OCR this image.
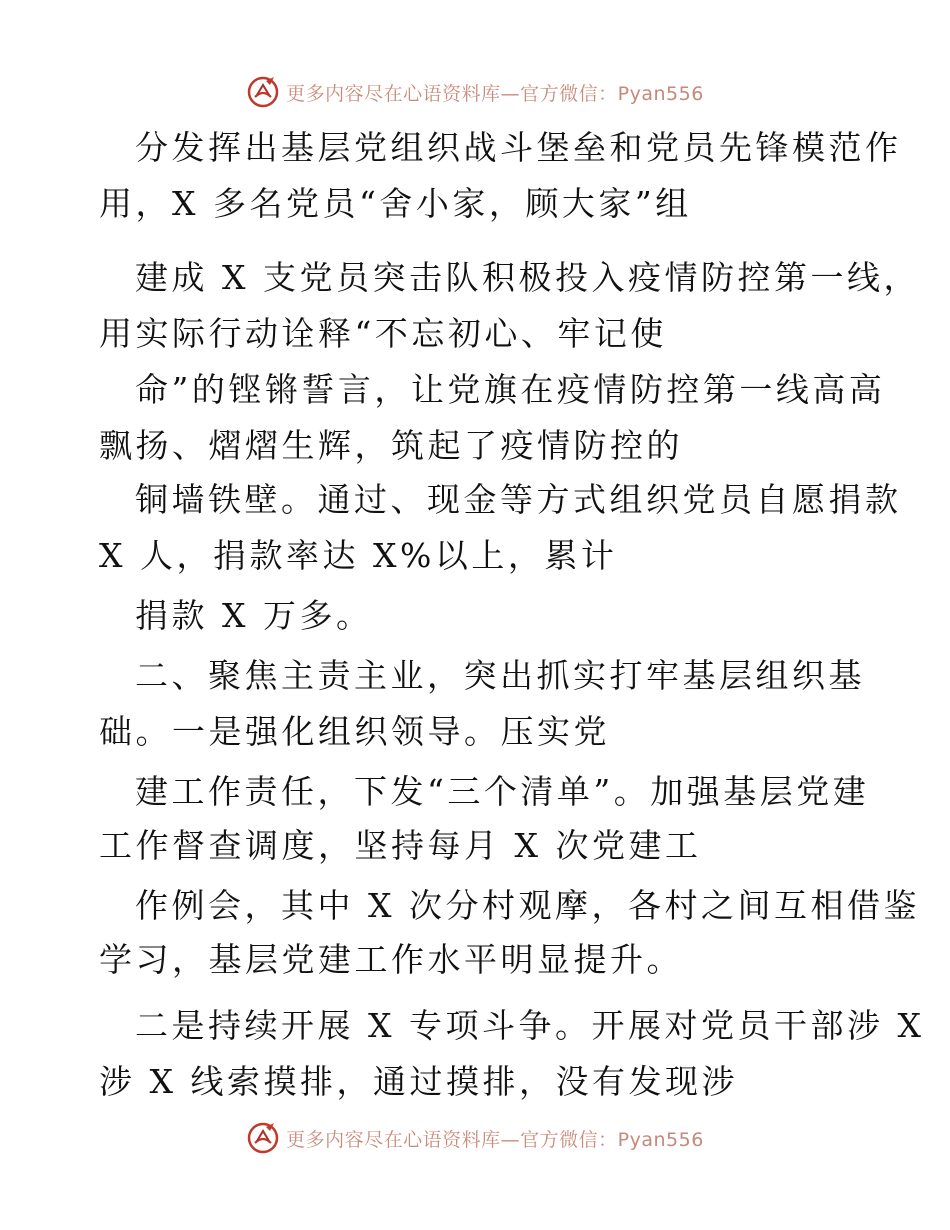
更多内容尽在心语资料库—官方微信：Pyan556
分发挥出基层党组织战斗堡垒和党员先锋模范作
用，X 多名党员“舍小家，顾大家”组
建成 X 支党员突击队积极投入疫情防控第一线，
用实际行动诠释“不忘初心、牢记使
命”的铿锵誓言，让党旗在疫情防控第一线高高
飘扬、熠熠生辉，筑起了疫情防控的
铜墙铁壁。通过、现金等方式组织党员自愿捐款
X 人，捐款率达 X%以上，累计
捐款 X 万多。
二、聚焦主责主业，突出抓实打牢基层组织基
础。一是强化组织领导。压实党
建工作责任，下发“三个清单”。加强基层党建
工作督查调度，坚持每月 X 次党建工
作例会，其中 X 次分村观摩，各村之间互相借鉴
学习，基层党建工作水平明显提升。
二是持续开展 X 专项斗争。开展对党员干部涉 X
涉 X 线索摸排，通过摸排，没有发现涉
更多内容尽在心语资料库—官方微信：Pyan556
